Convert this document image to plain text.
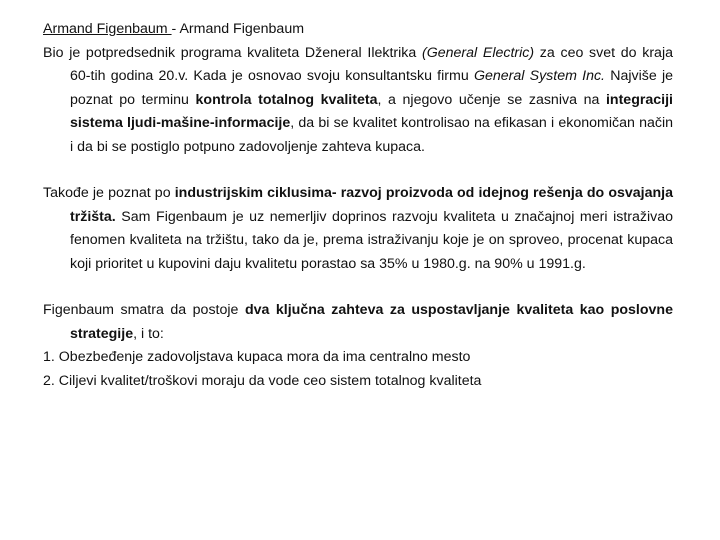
Armand Figenbaum - Armand Figenbaum

Bio je potpredsednik programa kvaliteta Dženeral Ilektrika (General Electric) za ceo svet do kraja 60-tih godina 20.v. Kada je osnovao svoju konsultantsku firmu General System Inc. Najviše je poznat po terminu kontrola totalnog kvaliteta, a njegovo učenje se zasniva na integraciji sistema ljudi-mašine-informacije, da bi se kvalitet kontrolisao na efikasan i ekonomičan način i da bi se postiglo potpuno zadovoljenje zahteva kupaca.

Takođe je poznat po industrijskim ciklusima- razvoj proizvoda od idejnog rešenja do osvajanja tržišta. Sam Figenbaum je uz nemerljiv doprinos razvoju kvaliteta u značajnoj meri istraživao fenomen kvaliteta na tržištu, tako da je, prema istraživanju koje je on sproveo, procenat kupaca koji prioritet u kupovini daju kvalitetu porastao sa 35% u 1980.g. na 90% u 1991.g.

Figenbaum smatra da postoje dva ključna zahteva za uspostavljanje kvaliteta kao poslovne strategije, i to:

1. Obezbeđenje zadovoljstava kupaca mora da ima centralno mesto

2. Ciljevi kvalitet/troškovi moraju da vode ceo sistem totalnog kvaliteta
